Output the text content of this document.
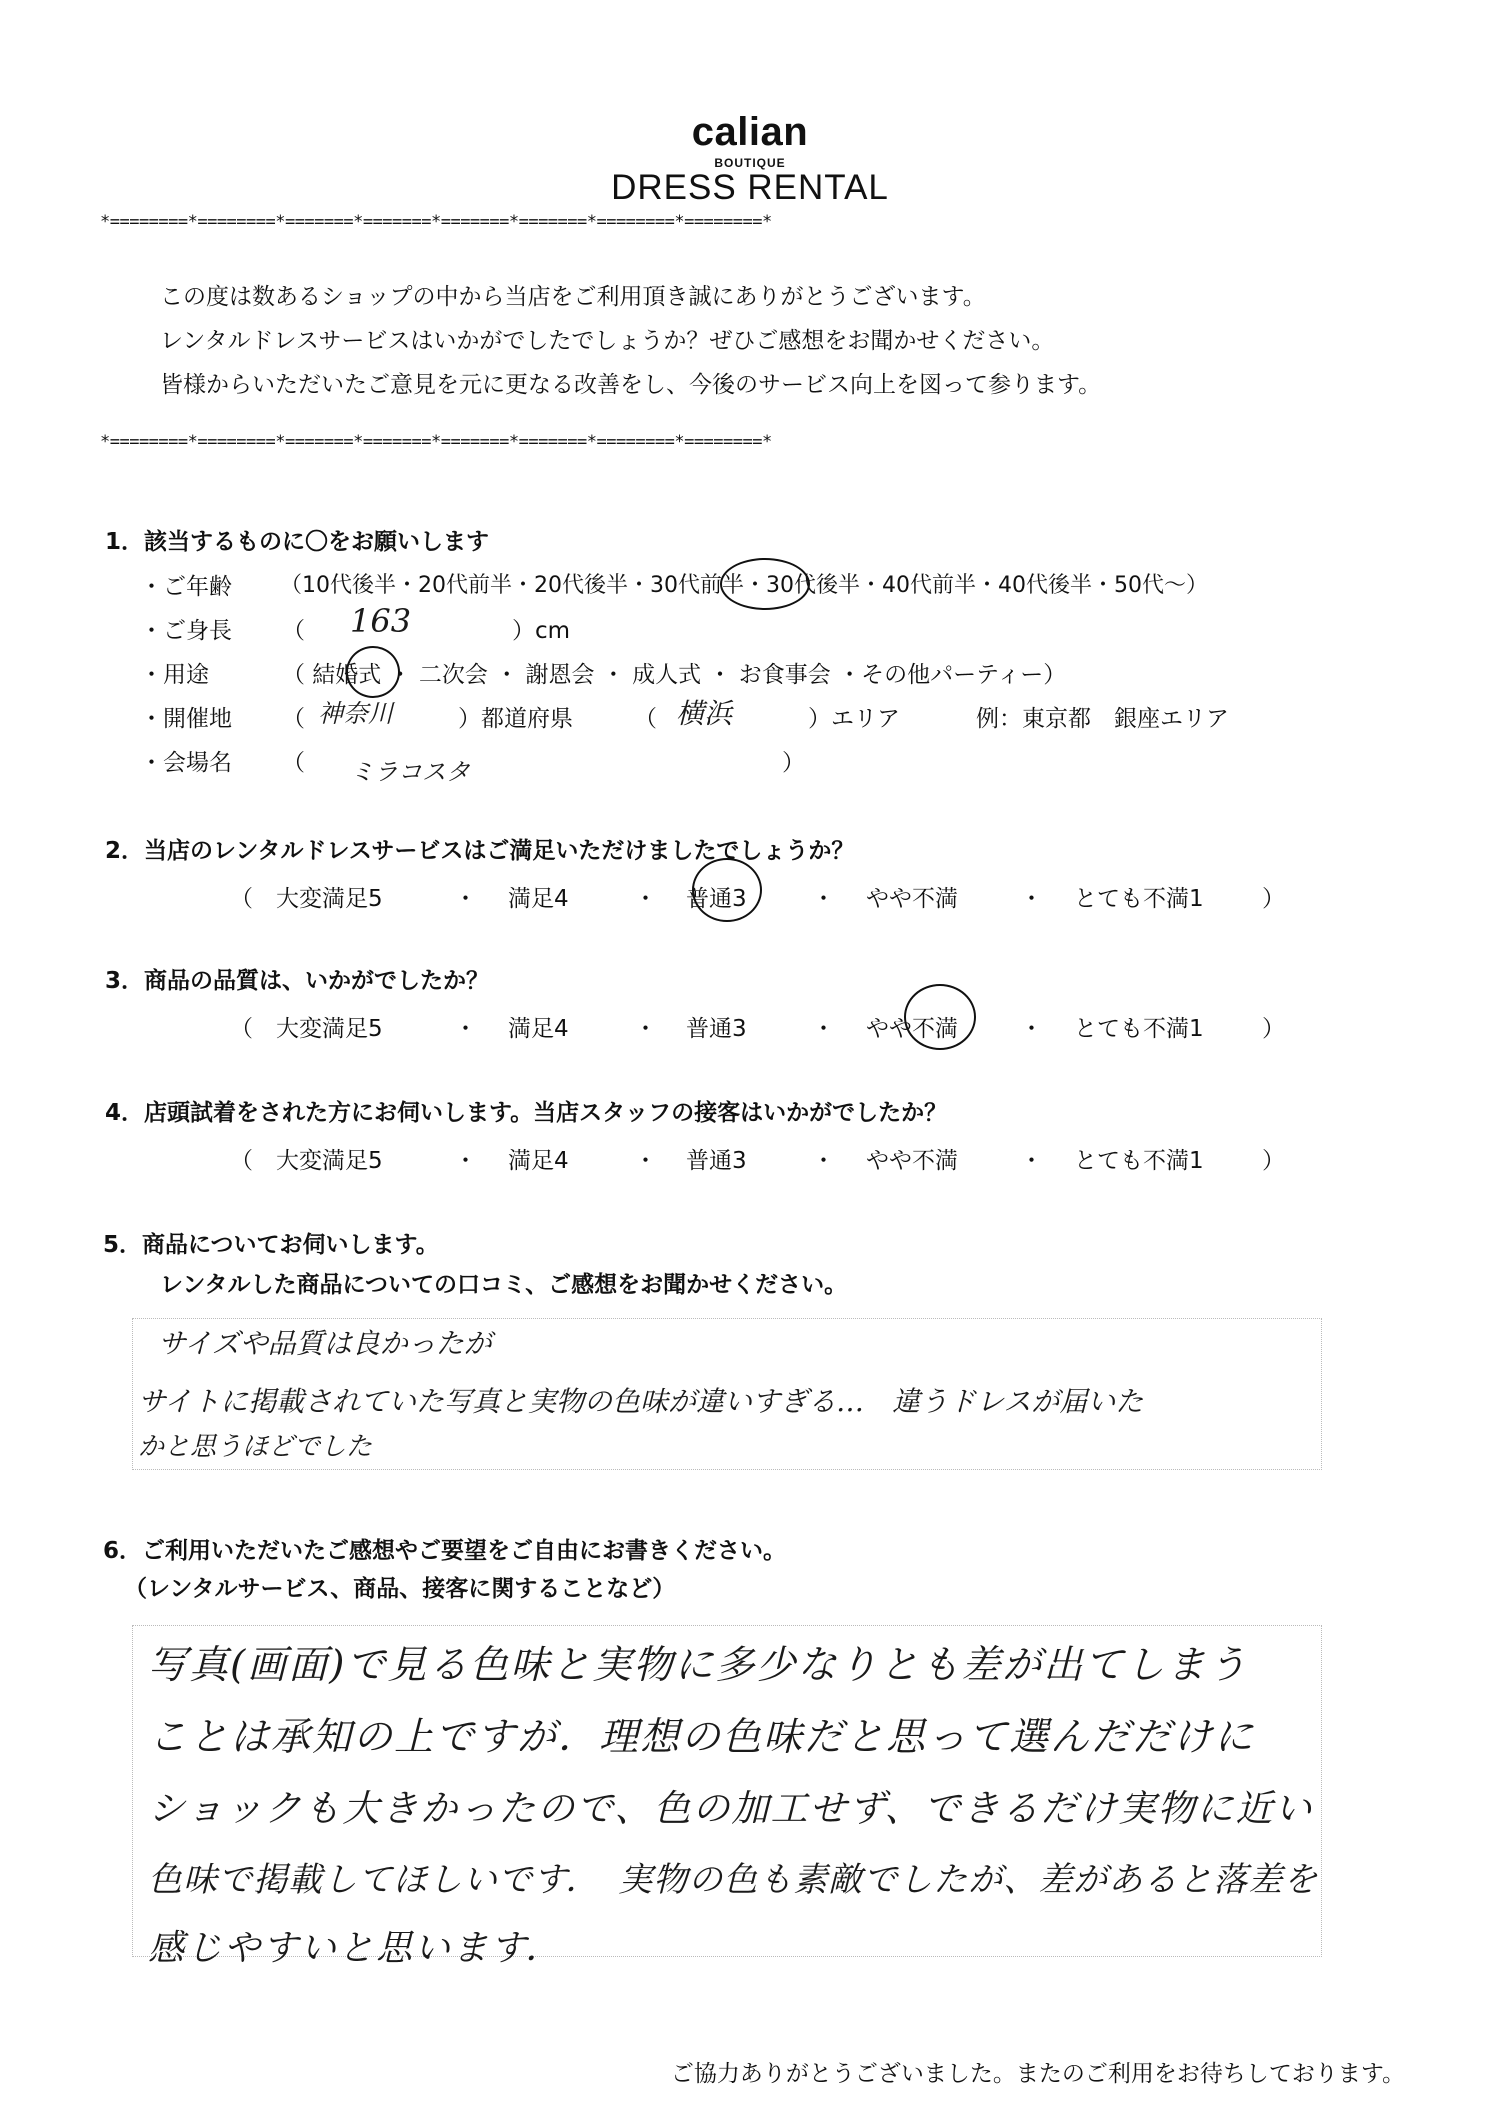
calian
BOUTIQUE
DRESS RENTAL
*========*========*=======*=======*=======*=======*========*========*
この度は数あるショップの中から当店をご利用頂き誠にありがとうございます。
レンタルドレスサービスはいかがでしたでしょうか？ぜひご感想をお聞かせください。
皆様からいただいたご意見を元に更なる改善をし、今後のサービス向上を図って参ります。
*========*========*=======*=======*=======*=======*========*========*
1．該当するものに〇をお願いします
・ご年齢 （10代後半・20代前半・20代後半・30代前半・30代後半・40代前半・40代後半・50代～）
・ご身長 （ 163	）cm
・用途	（ 結婚式 ・ 二次会 ・ 謝恩会 ・ 成人式 ・ お食事会 ・その他パーティー）
・開催地 （ 神奈川	）都道府県	（ 横浜	）エリア	例：東京都　銀座エリア
・会場名 （ ミラコスタ	）
2．当店のレンタルドレスサービスはご満足いただけましたでしょうか？
（ 大変満足5	・ 満足4	・ 普通3	・ やや不満	・ とても不満1	）
3．商品の品質は、いかがでしたか？
（ 大変満足5	・ 満足4	・ 普通3	・ やや不満	・ とても不満1	）
4．店頭試着をされた方にお伺いします。当店スタッフの接客はいかがでしたか？
（ 大変満足5	・ 満足4	・ 普通3	・ やや不満	・ とても不満1	）
5．商品についてお伺いします。
レンタルした商品についての口コミ、ご感想をお聞かせください。
サイズや品質は良かったが
サイトに掲載されていた写真と実物の色味が違いすぎる…　違うドレスが届いた
かと思うほどでした
6．ご利用いただいたご感想やご要望をご自由にお書きください。
（レンタルサービス、商品、接客に関することなど）
写真(画面)で見る色味と実物に多少なりとも差が出てしまう
ことは承知の上ですが．理想の色味だと思って選んだだけに
ショックも大きかったので、色の加工せず、できるだけ実物に近い
色味で掲載してほしいです．　実物の色も素敵でしたが、差があると落差を
感じやすいと思います．
ご協力ありがとうございました。またのご利用をお待ちしております。
